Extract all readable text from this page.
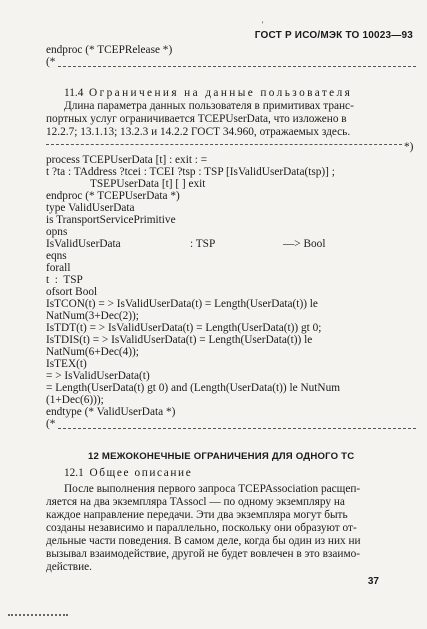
'
ГОСТ Р ИСО/МЭК ТО 10023—93
endproc (* TCEPRelease *)
(*
11.4 Ограничения на данные пользователя
Длина параметра данных пользователя в примитивах транс-
портных услуг ограничивается TCEPUserData, что изложено в
12.2.7; 13.1.13; 13.2.3 и 14.2.2 ГОСТ 34.960, отражаемых здесь.
*)
process TCEPUserData [t] : exit : =
t ?ta : TAddress ?tcei : TCEI ?tsp : TSP [IsValidUserData(tsp)] ;
TSEPUserData [t] [ ] exit
endproc (* TCEPUserData *)
type ValidUserData
is TransportServicePrimitive
opns
IsValidUserData	: TSP	—> Bool
eqns
forall
t  :  TSP
ofsort Bool
IsTCON(t) = > IsValidUserData(t) = Length(UserData(t)) le
NatNum(3+Dec(2));
IsTDT(t) = > IsValidUserData(t) = Length(UserData(t)) gt 0;
IsTDIS(t) = > IsValidUserData(t) = Length(UserData(t)) le
NatNum(6+Dec(4));
IsTEX(t)
= > IsValidUserData(t)
= Length(UserData(t) gt 0) and (Length(UserData(t)) le NutNum
(1+Dec(6)));
endtype (* ValidUserData *)
(*
12 МЕЖОКОНЕЧНЫЕ ОГРАНИЧЕНИЯ ДЛЯ ОДНОГО ТС
12.1 Общее описание
После выполнения первого запроса TCEPAssociation расщеп-
ляется на два экземпляра TAssocl — по одному экземпляру на
каждое направление передачи. Эти два экземпляра могут быть
созданы независимо и параллельно, поскольку они образуют от-
дельные части поведения. В самом деле, когда бы один из них ни
вызывал взаимодействие, другой не будет вовлечен в это взаимо-
действие.
37
